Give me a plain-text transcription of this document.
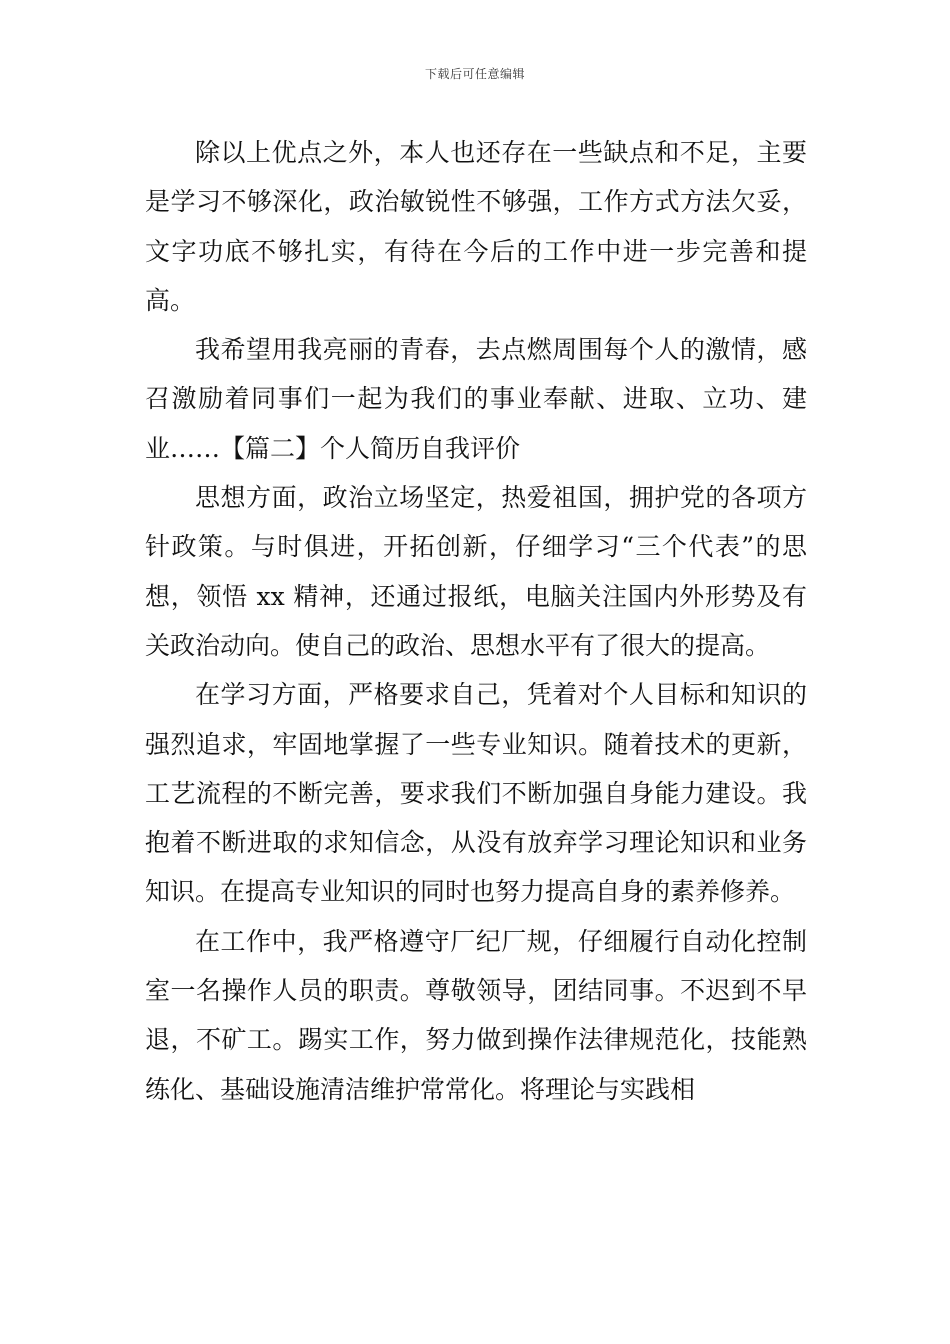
下载后可任意编辑

除以上优点之外，本人也还存在一些缺点和不足，主要是学习不够深化，政治敏锐性不够强，工作方式方法欠妥，文字功底不够扎实，有待在今后的工作中进一步完善和提高。

我希望用我亮丽的青春，去点燃周围每个人的激情，感召激励着同事们一起为我们的事业奉献、进取、立功、建业……【篇二】个人简历自我评价

思想方面，政治立场坚定，热爱祖国，拥护党的各项方针政策。与时俱进，开拓创新，仔细学习“三个代表”的思想，领悟 xx 精神，还通过报纸，电脑关注国内外形势及有关政治动向。使自己的政治、思想水平有了很大的提高。

在学习方面，严格要求自己，凭着对个人目标和知识的强烈追求，牢固地掌握了一些专业知识。随着技术的更新，工艺流程的不断完善，要求我们不断加强自身能力建设。我抱着不断进取的求知信念，从没有放弃学习理论知识和业务知识。在提高专业知识的同时也努力提高自身的素养修养。

在工作中，我严格遵守厂纪厂规，仔细履行自动化控制室一名操作人员的职责。尊敬领导，团结同事。不迟到不早退，不矿工。踢实工作，努力做到操作法律规范化，技能熟练化、基础设施清洁维护常常化。将理论与实践相
